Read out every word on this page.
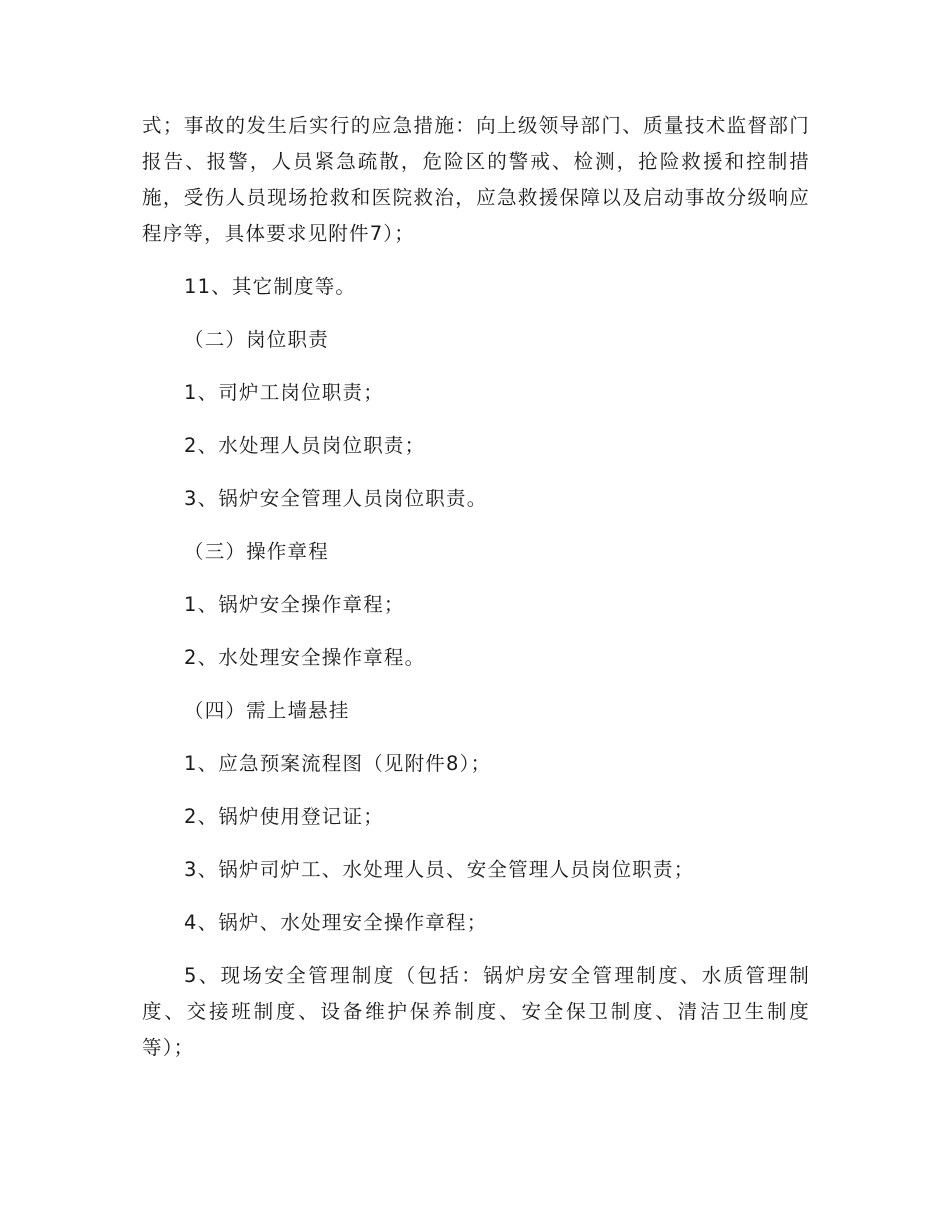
式；事故的发生后实行的应急措施：向上级领导部门、质量技术监督部门报告、报警，人员紧急疏散，危险区的警戒、检测，抢险救援和控制措施，受伤人员现场抢救和医院救治，应急救援保障以及启动事故分级响应程序等，具体要求见附件7）；

11、其它制度等。

（二）岗位职责

1、司炉工岗位职责；

2、水处理人员岗位职责；

3、锅炉安全管理人员岗位职责。

（三）操作章程

1、锅炉安全操作章程；

2、水处理安全操作章程。

（四）需上墙悬挂

1、应急预案流程图（见附件8）；

2、锅炉使用登记证；

3、锅炉司炉工、水处理人员、安全管理人员岗位职责；

4、锅炉、水处理安全操作章程；

5、现场安全管理制度（包括：锅炉房安全管理制度、水质管理制度、交接班制度、设备维护保养制度、安全保卫制度、清洁卫生制度等）；
